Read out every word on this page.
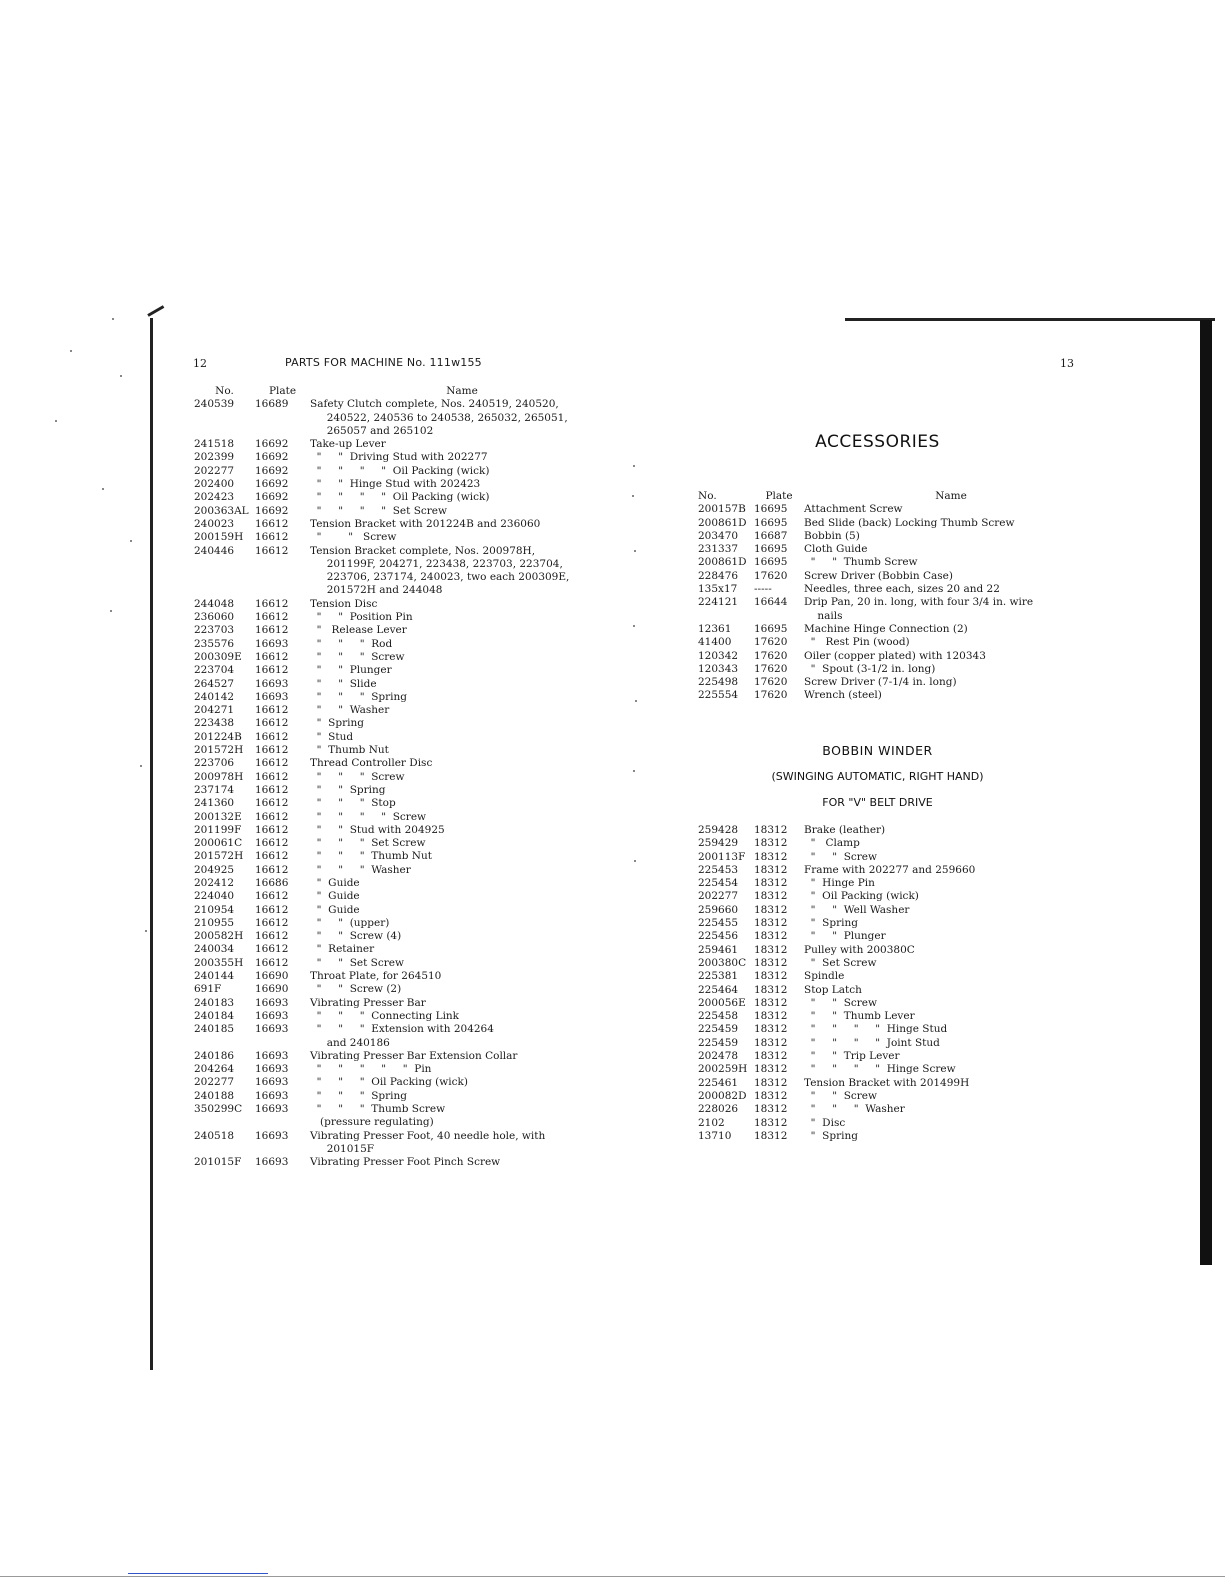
12	PARTS FOR MACHINE No. 111w155	13
No.	Plate	Name
240539	16689	Safety Clutch complete, Nos. 240519, 240520,
240522, 240536 to 240538, 265032, 265051,
265057 and 265102
241518	16692	Take-up Lever
202399	16692	"     "  Driving Stud with 202277
202277	16692	"     "     "     "  Oil Packing (wick)
202400	16692	"     "  Hinge Stud with 202423
202423	16692	"     "     "     "  Oil Packing (wick)
200363AL 16692	"     "     "     "  Set Screw
240023	16612	Tension Bracket with 201224B and 236060
200159H	16612	"        "   Screw
240446	16612	Tension Bracket complete, Nos. 200978H,
201199F, 204271, 223438, 223703, 223704,
223706, 237174, 240023, two each 200309E,
201572H and 244048
244048	16612	Tension Disc
236060	16612	"     "  Position Pin
223703	16612	"   Release Lever
235576	16693	"     "     "  Rod
200309E	16612	"     "     "  Screw
223704	16612	"     "  Plunger
264527	16693	"     "  Slide
240142	16693	"     "     "  Spring
204271	16612	"     "  Washer
223438	16612	"  Spring
201224B	16612	"  Stud
201572H	16612	"  Thumb Nut
223706	16612	Thread Controller Disc
200978H	16612	"     "     "  Screw
237174	16612	"     "  Spring
241360	16612	"     "     "  Stop
200132E	16612	"     "     "     "  Screw
201199F	16612	"     "  Stud with 204925
200061C	16612	"     "     "  Set Screw
201572H	16612	"     "     "  Thumb Nut
204925	16612	"     "     "  Washer
202412	16686	"  Guide
224040	16612	"  Guide
210954	16612	"  Guide
210955	16612	"     "  (upper)
200582H	16612	"     "  Screw (4)
240034	16612	"  Retainer
200355H	16612	"     "  Set Screw
240144	16690	Throat Plate, for 264510
691F	16690	"     "  Screw (2)
240183	16693	Vibrating Presser Bar
240184	16693	"     "     "  Connecting Link
240185	16693	"     "     "  Extension with 204264
and 240186
240186	16693	Vibrating Presser Bar Extension Collar
204264	16693	"     "     "     "     "  Pin
202277	16693	"     "     "  Oil Packing (wick)
240188	16693	"     "     "  Spring
350299C	16693	"     "     "  Thumb Screw
(pressure regulating)
240518	16693	Vibrating Presser Foot, 40 needle hole, with
201015F
201015F	16693	Vibrating Presser Foot Pinch Screw
ACCESSORIES
No.	Plate	Name
200157B 16695	Attachment Screw
200861D 16695	Bed Slide (back) Locking Thumb Screw
203470	16687	Bobbin (5)
231337	16695	Cloth Guide
200861D 16695	"     "  Thumb Screw
228476	17620	Screw Driver (Bobbin Case)
135x17	-----	Needles, three each, sizes 20 and 22
224121	16644	Drip Pan, 20 in. long, with four 3/4 in. wire
nails
12361	16695	Machine Hinge Connection (2)
41400	17620	"   Rest Pin (wood)
120342	17620	Oiler (copper plated) with 120343
120343	17620	"  Spout (3-1/2 in. long)
225498	17620	Screw Driver (7-1/4 in. long)
225554	17620	Wrench (steel)
BOBBIN WINDER
(SWINGING AUTOMATIC, RIGHT HAND)
FOR "V" BELT DRIVE
259428	18312	Brake (leather)
259429	18312	"   Clamp
200113F 18312	"     "  Screw
225453	18312	Frame with 202277 and 259660
225454	18312	"  Hinge Pin
202277	18312	"  Oil Packing (wick)
259660	18312	"     "  Well Washer
225455	18312	"  Spring
225456	18312	"     "  Plunger
259461	18312	Pulley with 200380C
200380C 18312	"  Set Screw
225381	18312	Spindle
225464	18312	Stop Latch
200056E 18312	"     "  Screw
225458	18312	"     "  Thumb Lever
225459	18312	"     "     "     "  Hinge Stud
225459	18312	"     "     "     "  Joint Stud
202478	18312	"     "  Trip Lever
200259H 18312	"     "     "     "  Hinge Screw
225461	18312	Tension Bracket with 201499H
200082D 18312	"     "  Screw
228026	18312	"     "     "  Washer
2102	18312	"  Disc
13710	18312	"  Spring
